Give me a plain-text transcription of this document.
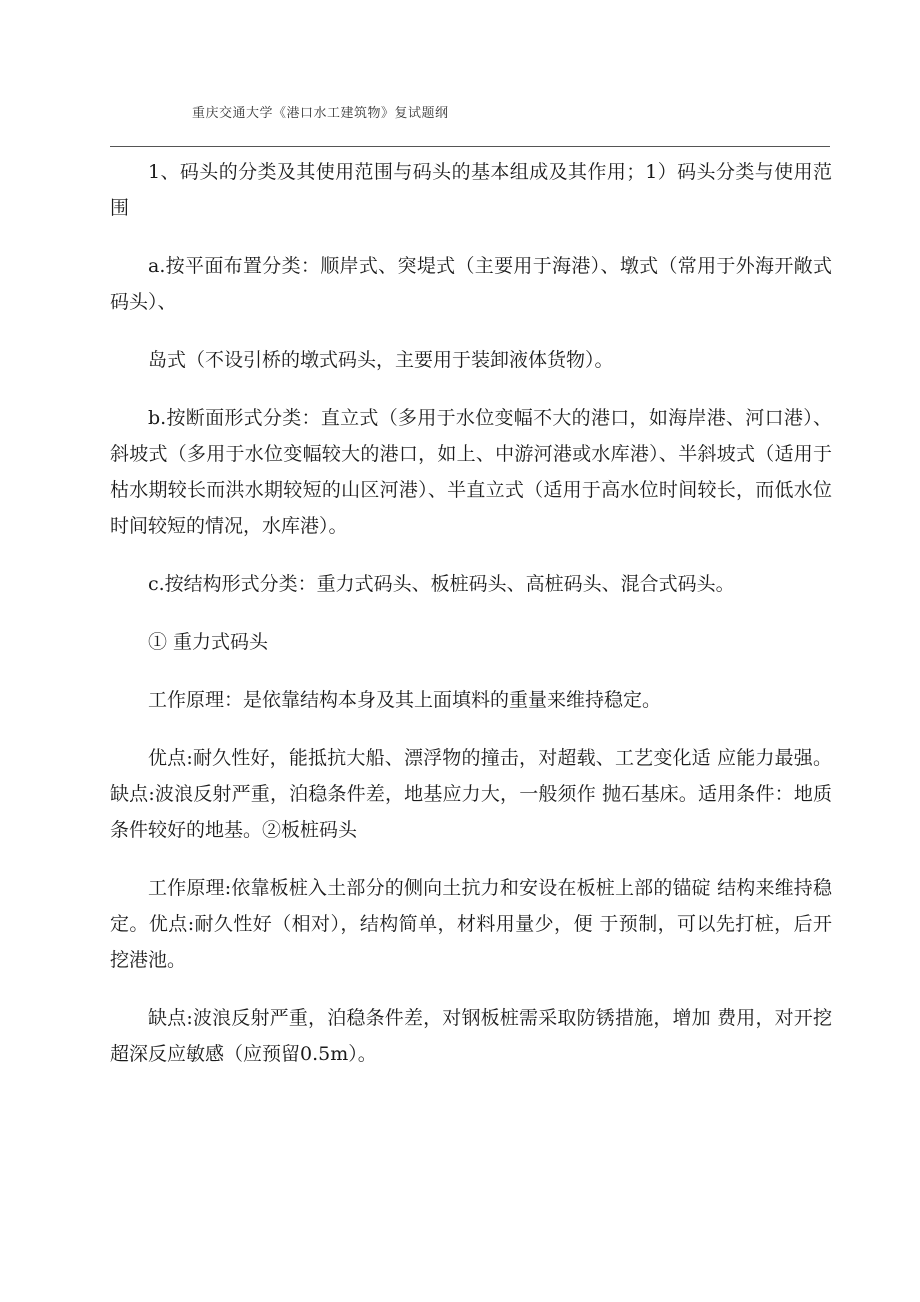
重庆交通大学《港口水工建筑物》复试题纲

1、码头的分类及其使用范围与码头的基本组成及其作用；1）码头分类与使用范围

a.按平面布置分类：顺岸式、突堤式（主要用于海港）、墩式（常用于外海开敞式码头）、

岛式（不设引桥的墩式码头，主要用于装卸液体货物）。

b.按断面形式分类：直立式（多用于水位变幅不大的港口，如海岸港、河口港）、斜坡式（多用于水位变幅较大的港口，如上、中游河港或水库港）、半斜坡式（适用于枯水期较长而洪水期较短的山区河港）、半直立式（适用于高水位时间较长，而低水位时间较短的情况，水库港）。

c.按结构形式分类：重力式码头、板桩码头、高桩码头、混合式码头。

① 重力式码头

工作原理：是依靠结构本身及其上面填料的重量来维持稳定。

优点:耐久性好，能抵抗大船、漂浮物的撞击，对超载、工艺变化适 应能力最强。缺点:波浪反射严重，泊稳条件差，地基应力大，一般须作 抛石基床。适用条件：地质条件较好的地基。②板桩码头

工作原理:依靠板桩入土部分的侧向土抗力和安设在板桩上部的锚碇 结构来维持稳定。优点:耐久性好（相对），结构简单，材料用量少，便 于预制，可以先打桩，后开挖港池。

缺点:波浪反射严重，泊稳条件差，对钢板桩需采取防锈措施，增加 费用，对开挖超深反应敏感（应预留0.5m）。
